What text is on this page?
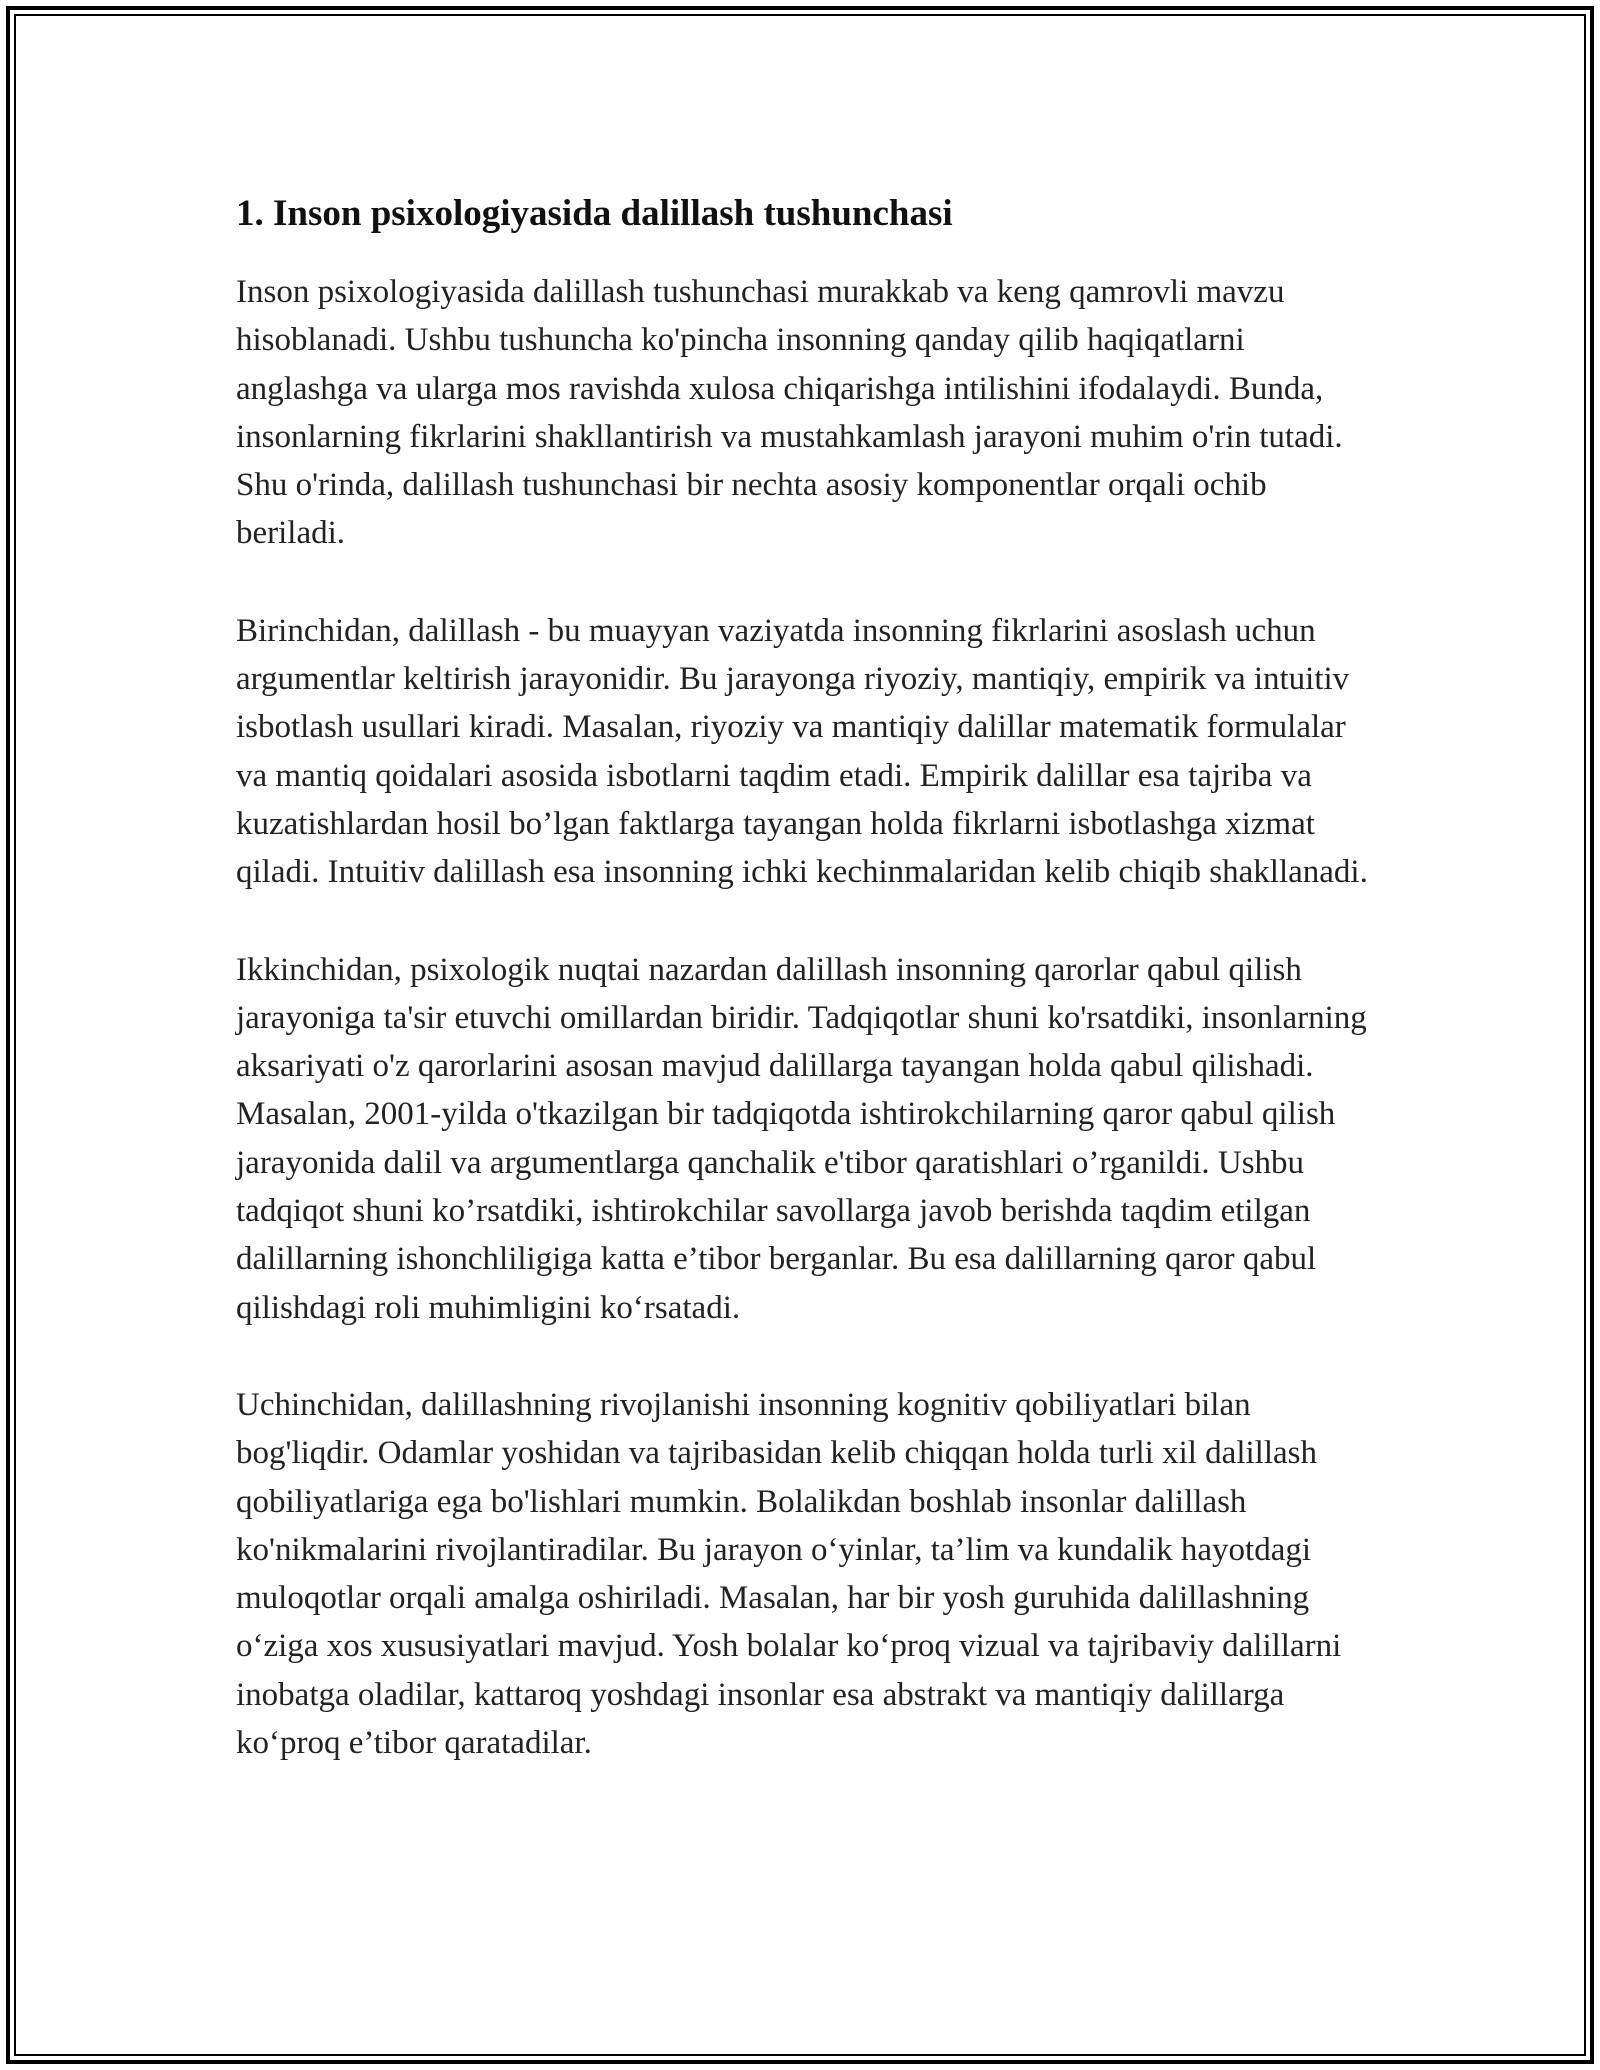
1. Inson psixologiyasida dalillash tushunchasi

Inson psixologiyasida dalillash tushunchasi murakkab va keng qamrovli mavzu hisoblanadi. Ushbu tushuncha ko'pincha insonning qanday qilib haqiqatlarni anglashga va ularga mos ravishda xulosa chiqarishga intilishini ifodalaydi. Bunda, insonlarning fikrlarini shakllantirish va mustahkamlash jarayoni muhim o'rin tutadi. Shu o'rinda, dalillash tushunchasi bir nechta asosiy komponentlar orqali ochib beriladi.

Birinchidan, dalillash - bu muayyan vaziyatda insonning fikrlarini asoslash uchun argumentlar keltirish jarayonidir. Bu jarayonga riyoziy, mantiqiy, empirik va intuitiv isbotlash usullari kiradi. Masalan, riyoziy va mantiqiy dalillar matematik formulalar va mantiq qoidalari asosida isbotlarni taqdim etadi. Empirik dalillar esa tajriba va kuzatishlardan hosil bo’lgan faktlarga tayangan holda fikrlarni isbotlashga xizmat qiladi. Intuitiv dalillash esa insonning ichki kechinmalaridan kelib chiqib shakllanadi.

Ikkinchidan, psixologik nuqtai nazardan dalillash insonning qarorlar qabul qilish jarayoniga ta'sir etuvchi omillardan biridir. Tadqiqotlar shuni ko'rsatdiki, insonlarning aksariyati o'z qarorlarini asosan mavjud dalillarga tayangan holda qabul qilishadi. Masalan, 2001-yilda o'tkazilgan bir tadqiqotda ishtirokchilarning qaror qabul qilish jarayonida dalil va argumentlarga qanchalik e'tibor qaratishlari o’rganildi. Ushbu tadqiqot shuni ko’rsatdiki, ishtirokchilar savollarga javob berishda taqdim etilgan dalillarning ishonchliligiga katta e’tibor berganlar. Bu esa dalillarning qaror qabul qilishdagi roli muhimligini ko‘rsatadi.

Uchinchidan, dalillashning rivojlanishi insonning kognitiv qobiliyatlari bilan bog'liqdir. Odamlar yoshidan va tajribasidan kelib chiqqan holda turli xil dalillash qobiliyatlariga ega bo'lishlari mumkin. Bolalikdan boshlab insonlar dalillash ko'nikmalarini rivojlantiradilar. Bu jarayon o‘yinlar, ta’lim va kundalik hayotdagi muloqotlar orqali amalga oshiriladi. Masalan, har bir yosh guruhida dalillashning o‘ziga xos xususiyatlari mavjud. Yosh bolalar ko‘proq vizual va tajribaviy dalillarni inobatga oladilar, kattaroq yoshdagi insonlar esa abstrakt va mantiqiy dalillarga ko‘proq e’tibor qaratadilar.
